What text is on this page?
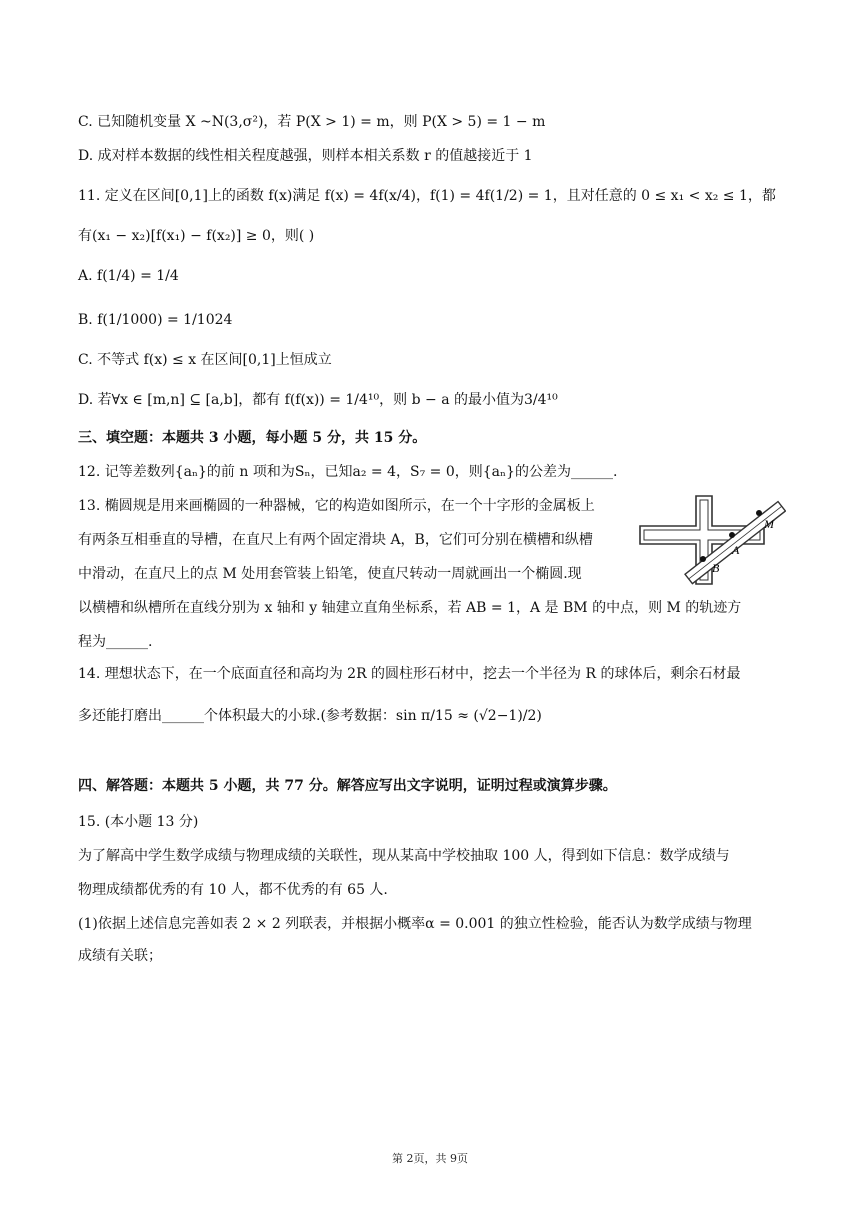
C. 已知随机变量 X ~N(3,σ²)，若 P(X > 1) = m，则 P(X > 5) = 1 − m
D. 成对样本数据的线性相关程度越强，则样本相关系数 r 的值越接近于 1
11. 定义在区间[0,1]上的函数 f(x)满足 f(x) = 4f(x/4)，f(1) = 4f(1/2) = 1，且对任意的 0 ≤ x₁ < x₂ ≤ 1，都
有(x₁ − x₂)[f(x₁) − f(x₂)] ≥ 0，则( )
A. f(1/4) = 1/4
B. f(1/1000) = 1/1024
C. 不等式 f(x) ≤ x 在区间[0,1]上恒成立
D. 若∀x ∈ [m,n] ⊆ [a,b]，都有 f(f(x)) = 1/4¹⁰，则 b − a 的最小值为3/4¹⁰
三、填空题：本题共 3 小题，每小题 5 分，共 15 分。
12. 记等差数列{aₙ}的前 n 项和为Sₙ，已知a₂ = 4，S₇ = 0，则{aₙ}的公差为______.
13. 椭圆规是用来画椭圆的一种器械，它的构造如图所示，在一个十字形的金属板上
有两条互相垂直的导槽，在直尺上有两个固定滑块 A，B，它们可分别在横槽和纵槽
中滑动，在直尺上的点 M 处用套管装上铅笔，使直尺转动一周就画出一个椭圆.现
以横槽和纵槽所在直线分别为 x 轴和 y 轴建立直角坐标系，若 AB = 1，A 是 BM 的中点，则 M 的轨迹方
程为______.
14. 理想状态下，在一个底面直径和高均为 2R 的圆柱形石材中，挖去一个半径为 R 的球体后，剩余石材最
多还能打磨出______个体积最大的小球.(参考数据：sin π/15 ≈ (√2−1)/2)
四、解答题：本题共 5 小题，共 77 分。解答应写出文字说明，证明过程或演算步骤。
15. (本小题 13 分)
为了解高中学生数学成绩与物理成绩的关联性，现从某高中学校抽取 100 人，得到如下信息：数学成绩与
物理成绩都优秀的有 10 人，都不优秀的有 65 人.
(1)依据上述信息完善如表 2 × 2 列联表，并根据小概率α = 0.001 的独立性检验，能否认为数学成绩与物理
成绩有关联；
M
A
B
第 2页，共 9页
